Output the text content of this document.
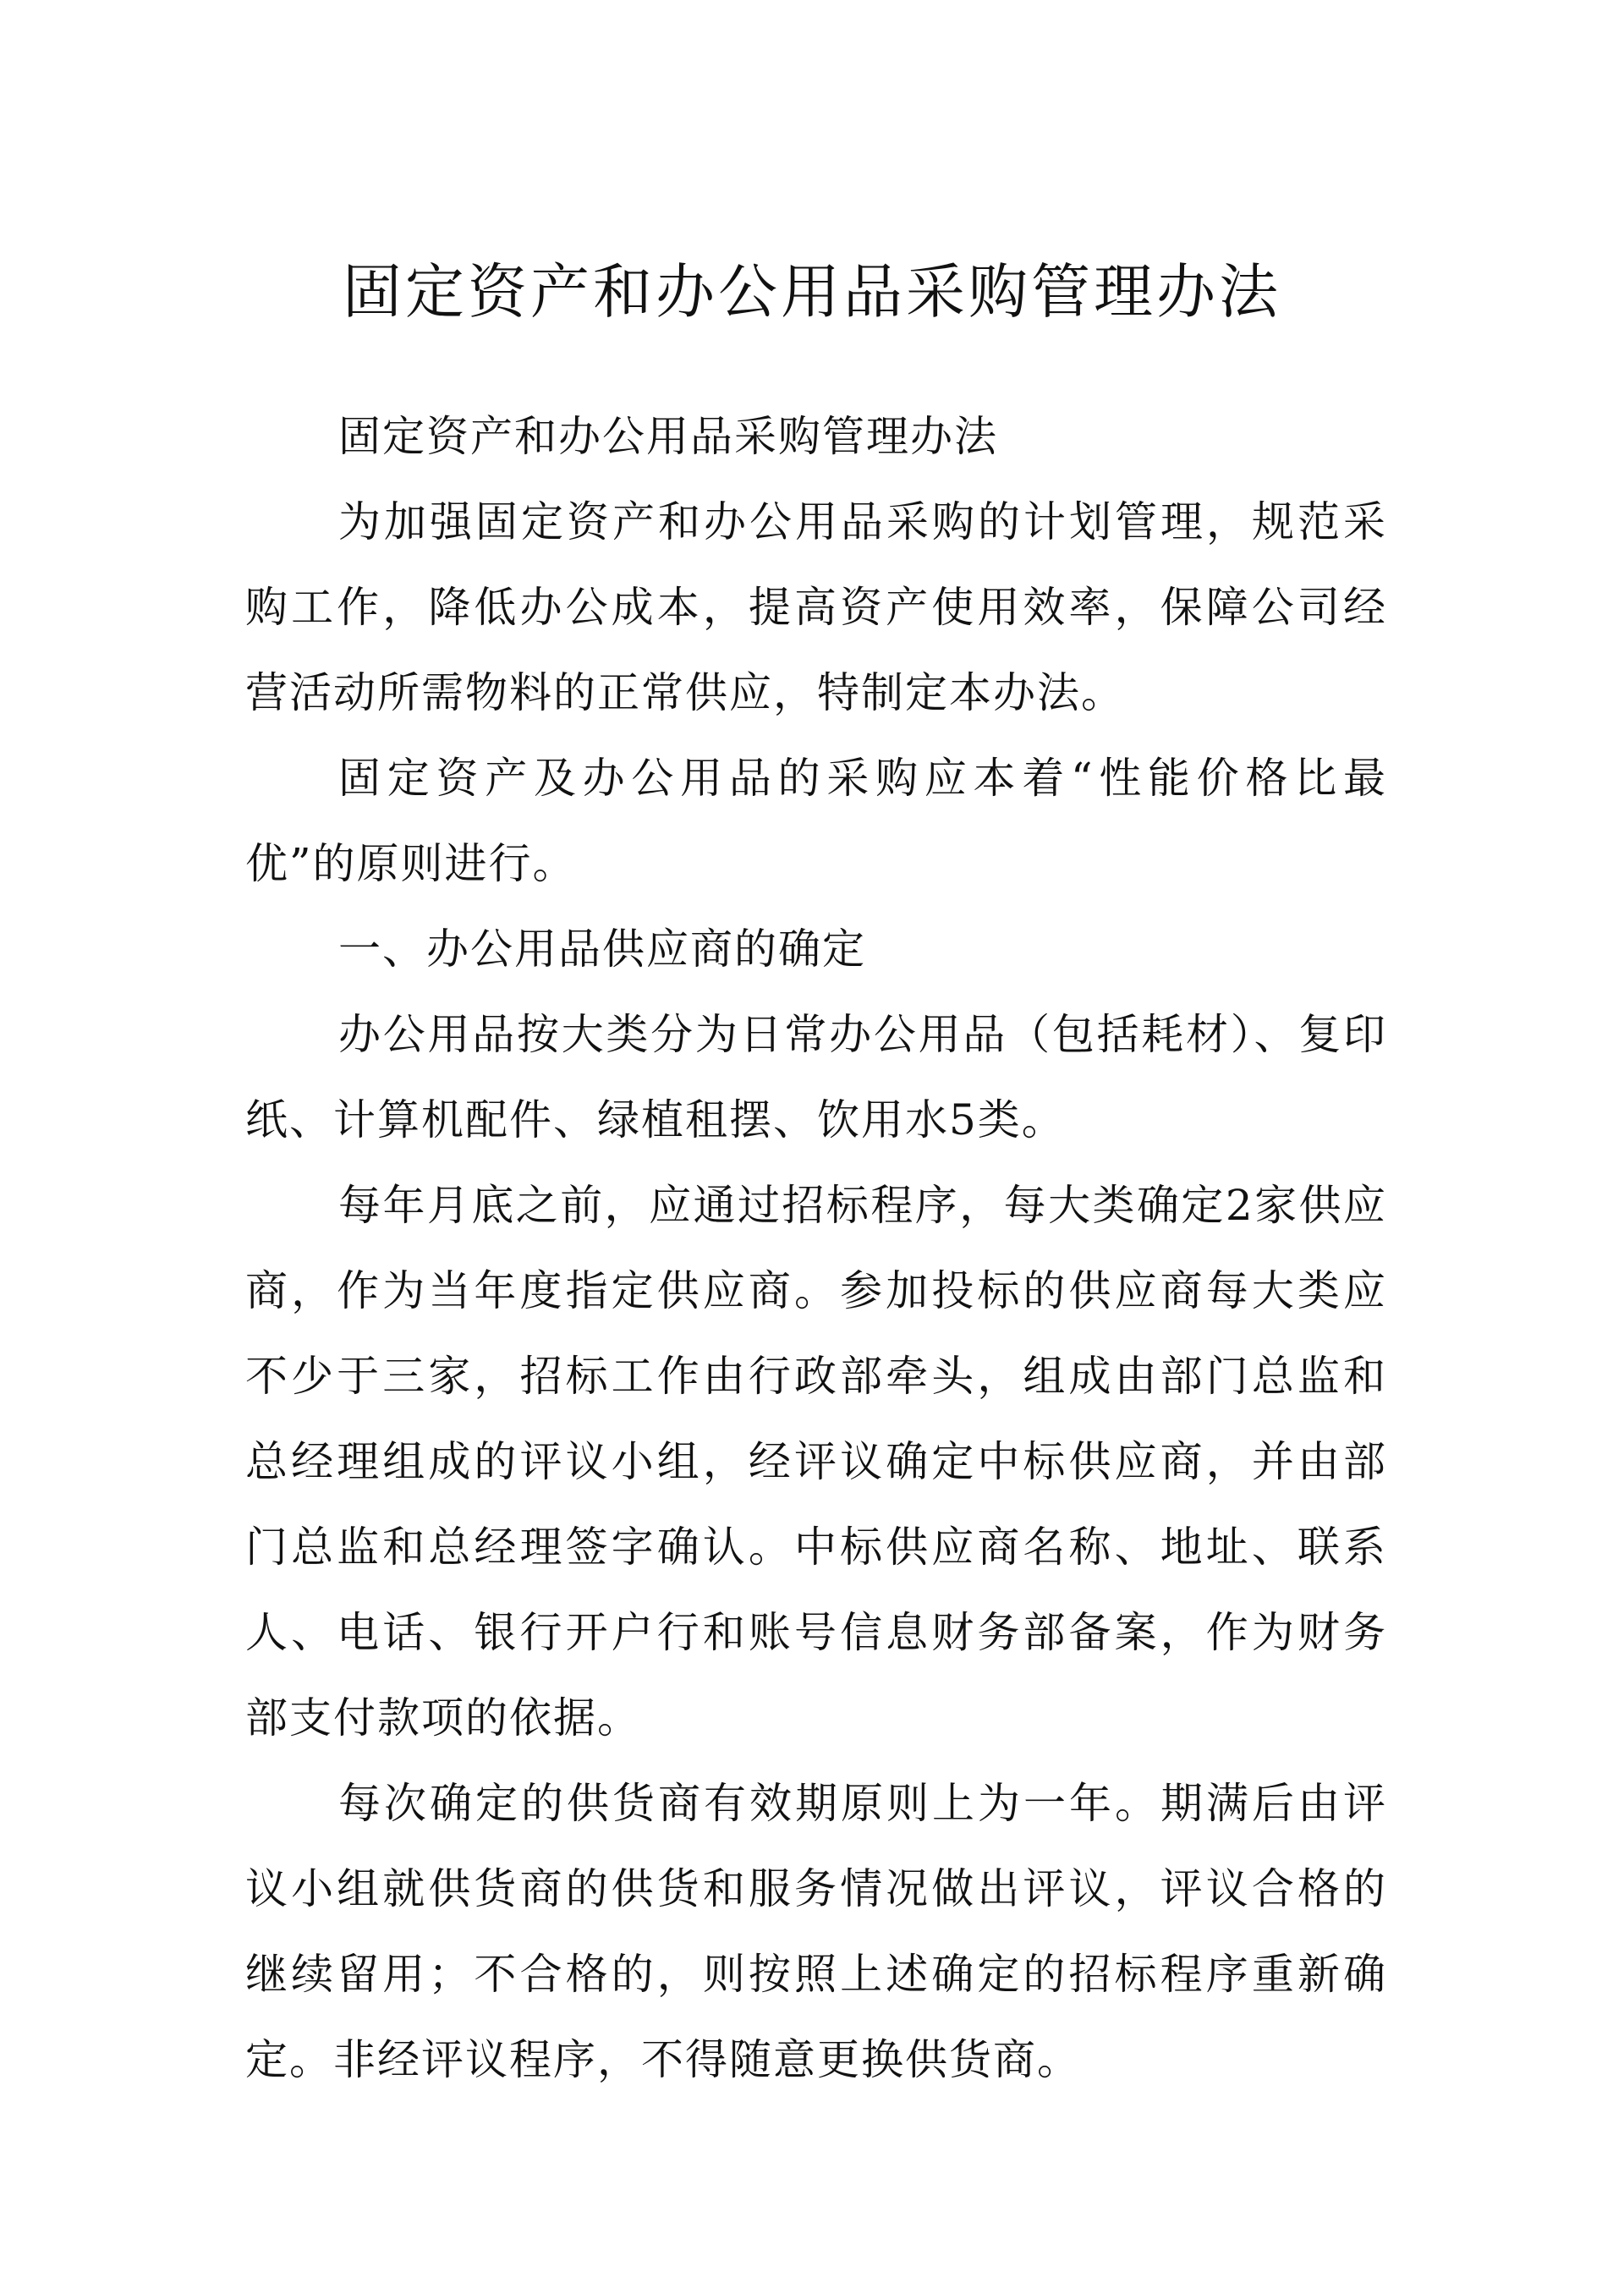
固定资产和办公用品采购管理办法

固定资产和办公用品采购管理办法

为加强固定资产和办公用品采购的计划管理，规范采购工作，降低办公成本，提高资产使用效率，保障公司经营活动所需物料的正常供应，特制定本办法。

固定资产及办公用品的采购应本着“性能价格比最优”的原则进行。

一、办公用品供应商的确定

办公用品按大类分为日常办公用品（包括耗材）、复印纸、计算机配件、绿植租摆、饮用水5类。

每年月底之前，应通过招标程序，每大类确定2家供应商，作为当年度指定供应商。参加投标的供应商每大类应不少于三家，招标工作由行政部牵头，组成由部门总监和总经理组成的评议小组，经评议确定中标供应商，并由部门总监和总经理签字确认。中标供应商名称、地址、联系人、电话、银行开户行和账号信息财务部备案，作为财务部支付款项的依据。

每次确定的供货商有效期原则上为一年。期满后由评议小组就供货商的供货和服务情况做出评议，评议合格的继续留用；不合格的，则按照上述确定的招标程序重新确定。非经评议程序，不得随意更换供货商。
